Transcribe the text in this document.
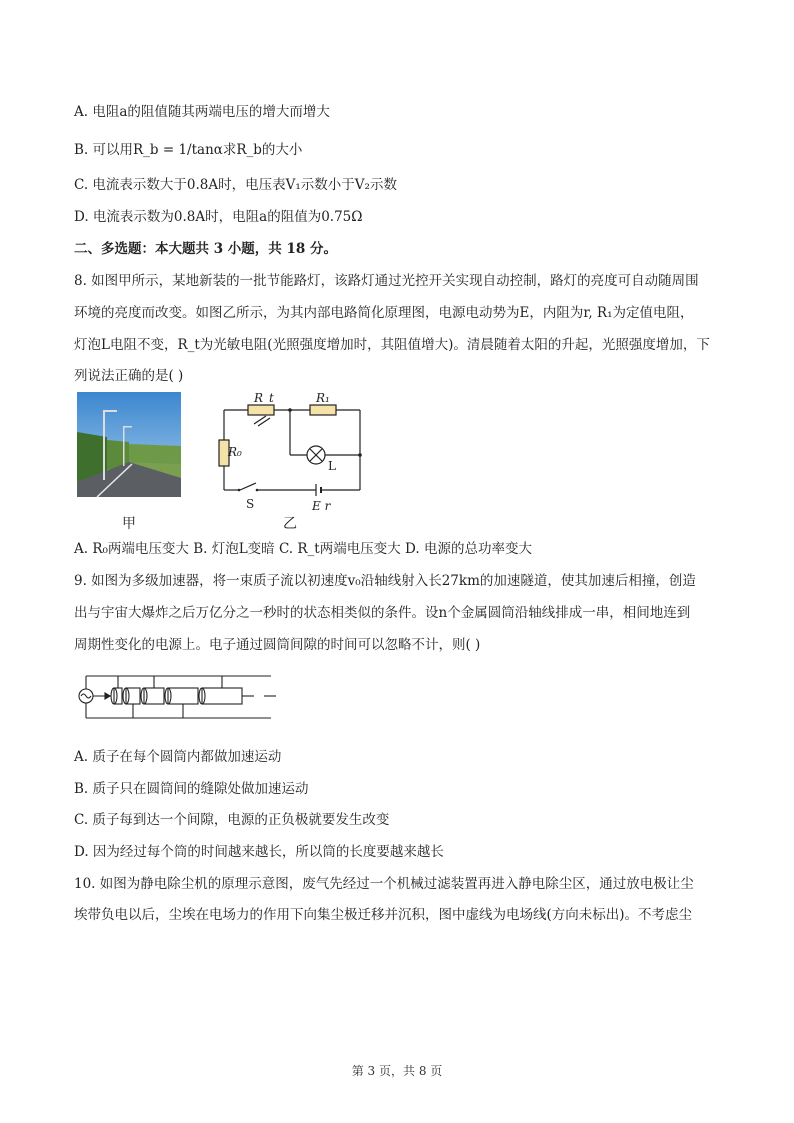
A. 电阻a的阻值随其两端电压的增大而增大
B. 可以用R_b = 1/tanα求R_b的大小
C. 电流表示数大于0.8A时，电压表V₁示数小于V₂示数
D. 电流表示数为0.8A时，电阻a的阻值为0.75Ω
二、多选题：本大题共 3 小题，共 18 分。
8. 如图甲所示，某地新装的一批节能路灯，该路灯通过光控开关实现自动控制，路灯的亮度可自动随周围
环境的亮度而改变。如图乙所示，为其内部电路简化原理图，电源电动势为E，内阻为r, R₁为定值电阻，
灯泡L电阻不变，R_t为光敏电阻(光照强度增加时，其阻值增大)。清晨随着太阳的升起，光照强度增加，下
列说法正确的是( )
甲
R_t	R₁
R₀
L
S	E r
乙
A. R₀两端电压变大 B. 灯泡L变暗 C. R_t两端电压变大 D. 电源的总功率变大
9. 如图为多级加速器，将一束质子流以初速度v₀沿轴线射入长27km的加速隧道，使其加速后相撞，创造
出与宇宙大爆炸之后万亿分之一秒时的状态相类似的条件。设n个金属圆筒沿轴线排成一串，相间地连到
周期性变化的电源上。电子通过圆筒间隙的时间可以忽略不计，则( )
A. 质子在每个圆筒内都做加速运动
B. 质子只在圆筒间的缝隙处做加速运动
C. 质子每到达一个间隙，电源的正负极就要发生改变
D. 因为经过每个筒的时间越来越长，所以筒的长度要越来越长
10. 如图为静电除尘机的原理示意图，废气先经过一个机械过滤装置再进入静电除尘区，通过放电极让尘
埃带负电以后，尘埃在电场力的作用下向集尘极迁移并沉积，图中虚线为电场线(方向未标出)。不考虑尘
第 3 页，共 8 页
